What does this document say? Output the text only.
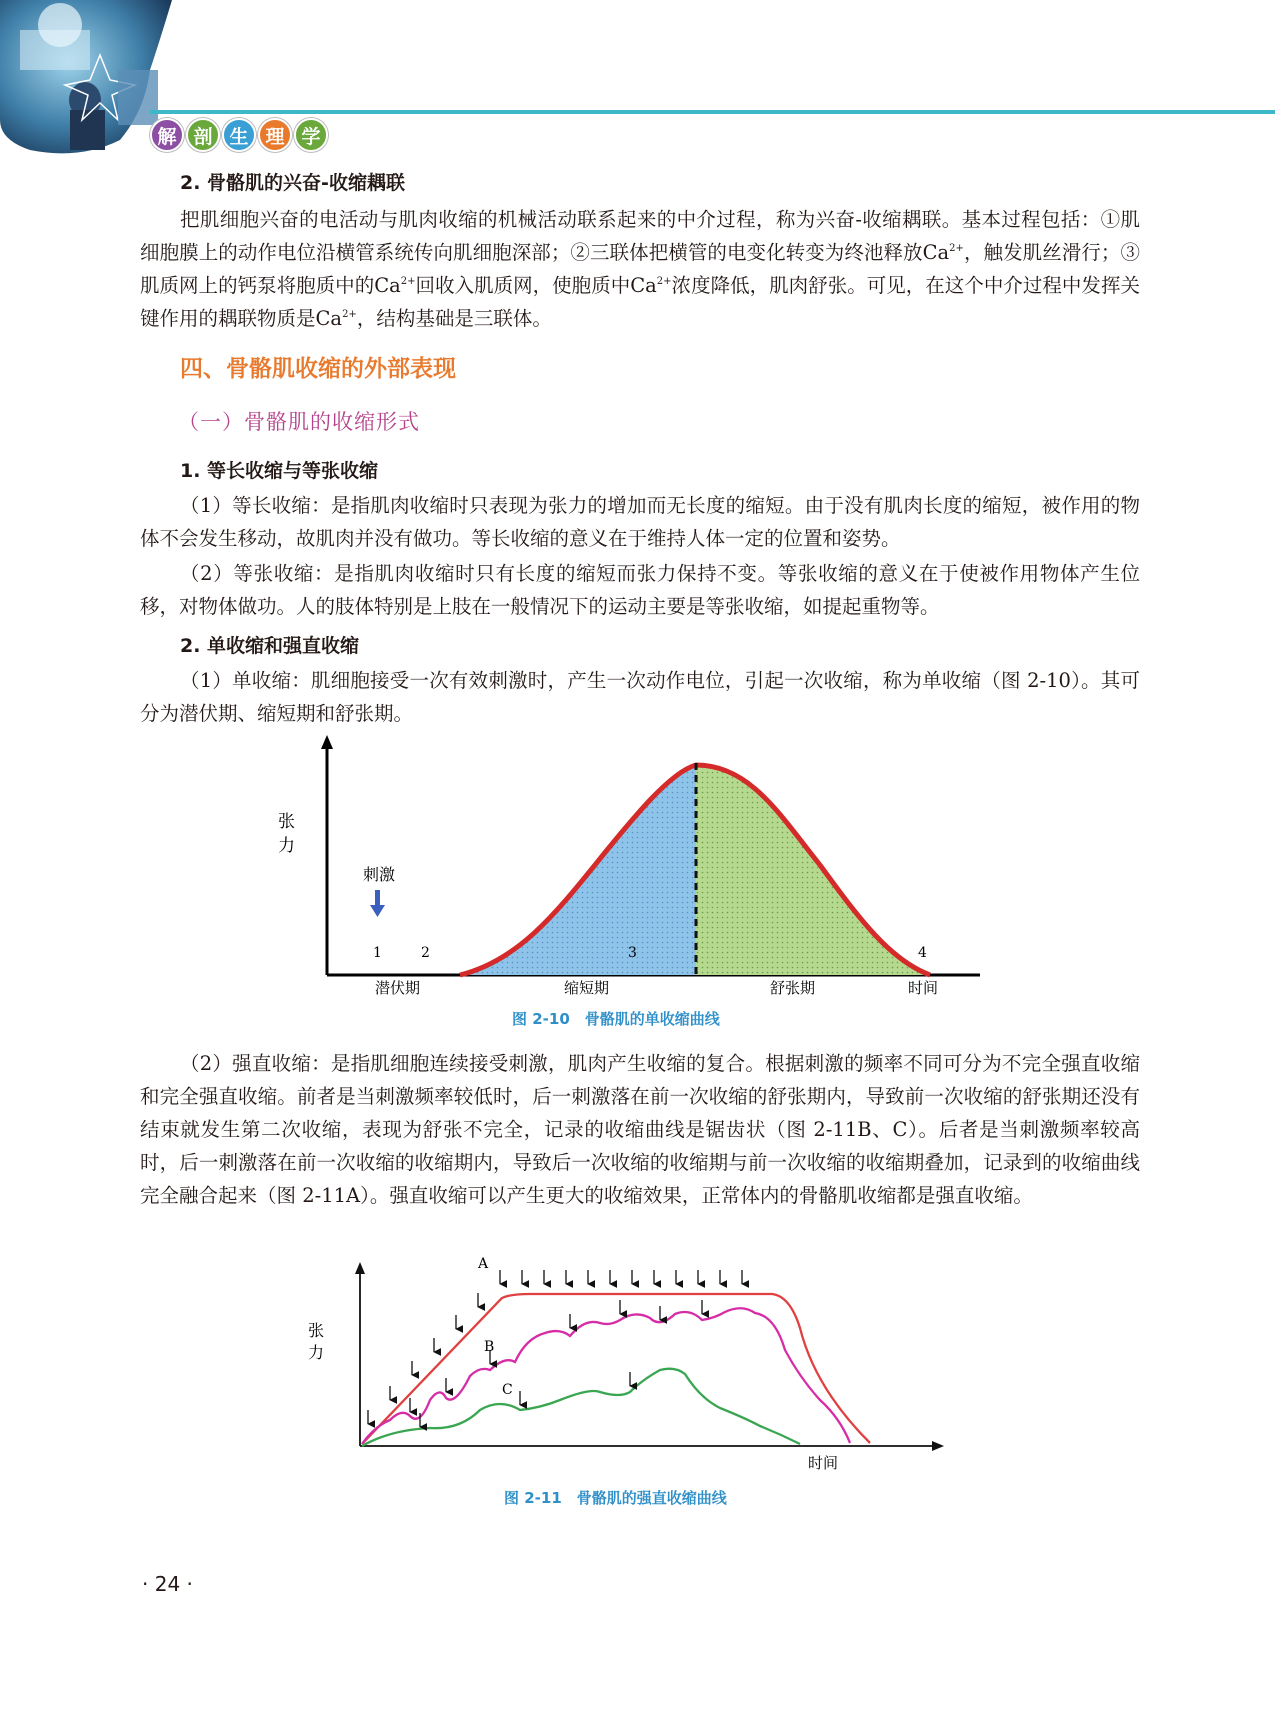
解 剖 生 理 学

2. 骨骼肌的兴奋-收缩耦联

把肌细胞兴奋的电活动与肌肉收缩的机械活动联系起来的中介过程，称为兴奋-收缩耦联。基本过程包括：①肌细胞膜上的动作电位沿横管系统传向肌细胞深部；②三联体把横管的电变化转变为终池释放$Ca^{2+}$，触发肌丝滑行；③肌质网上的钙泵将胞质中的$Ca^{2+}$回收入肌质网，使胞质中$Ca^{2+}$浓度降低，肌肉舒张。可见，在这个中介过程中发挥关键作用的耦联物质是$Ca^{2+}$，结构基础是三联体。

四、骨骼肌收缩的外部表现
（一）骨骼肌的收缩形式

1. 等长收缩与等张收缩

（1）等长收缩：是指肌肉收缩时只表现为张力的增加而无长度的缩短。由于没有肌肉长度的缩短，被作用的物体不会发生移动，故肌肉并没有做功。等长收缩的意义在于维持人体一定的位置和姿势。

（2）等张收缩：是指肌肉收缩时只有长度的缩短而张力保持不变。等张收缩的意义在于使被作用物体产生位移，对物体做功。人的肢体特别是上肢在一般情况下的运动主要是等张收缩，如提起重物等。

2. 单收缩和强直收缩

（1）单收缩：肌细胞接受一次有效刺激时，产生一次动作电位，引起一次收缩，称为单收缩（图 2-10）。其可分为潜伏期、缩短期和舒张期。

张
力
刺激
1	2	3	4
潜伏期	缩短期	舒张期	时间
图 2-10　骨骼肌的单收缩曲线

（2）强直收缩：是指肌细胞连续接受刺激，肌肉产生收缩的复合。根据刺激的频率不同可分为不完全强直收缩和完全强直收缩。前者是当刺激频率较低时，后一刺激落在前一次收缩的舒张期内，导致前一次收缩的舒张期还没有结束就发生第二次收缩，表现为舒张不完全，记录的收缩曲线是锯齿状（图 2-11B、C）。后者是当刺激频率较高时，后一刺激落在前一次收缩的收缩期内，导致后一次收缩的收缩期与前一次收缩的收缩期叠加，记录到的收缩曲线完全融合起来（图 2-11A）。强直收缩可以产生更大的收缩效果，正常体内的骨骼肌收缩都是强直收缩。

张
力
A
B
C
时间
图 2-11　骨骼肌的强直收缩曲线
· 24 ·
